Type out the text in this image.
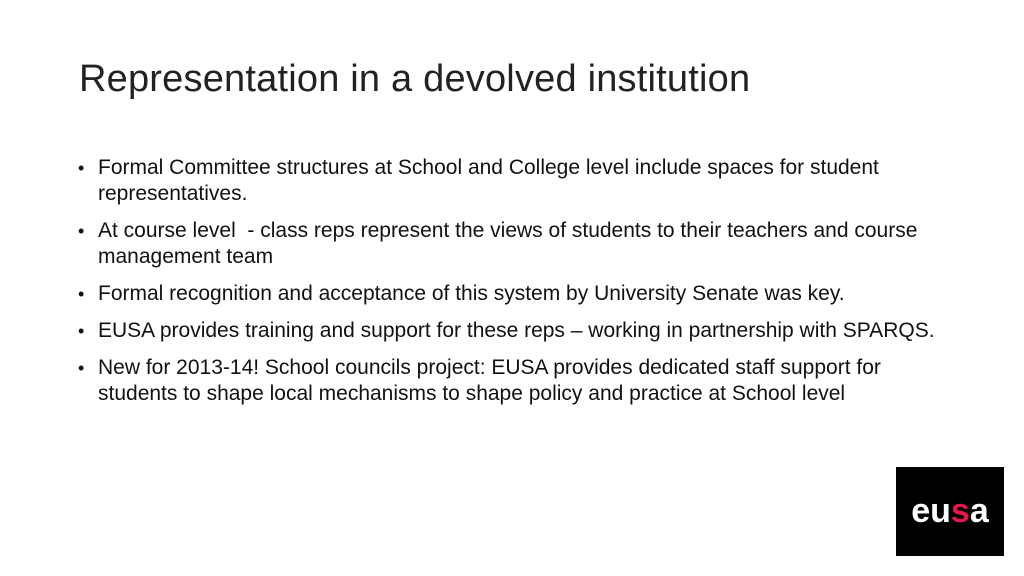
Representation in a devolved institution
• Formal Committee structures at School and College level include spaces for student representatives.
• At course level  - class reps represent the views of students to their teachers and course management team
• Formal recognition and acceptance of this system by University Senate was key.
• EUSA provides training and support for these reps – working in partnership with SPARQS.
• New for 2013-14! School councils project: EUSA provides dedicated staff support for students to shape local mechanisms to shape policy and practice at School level
eusa
